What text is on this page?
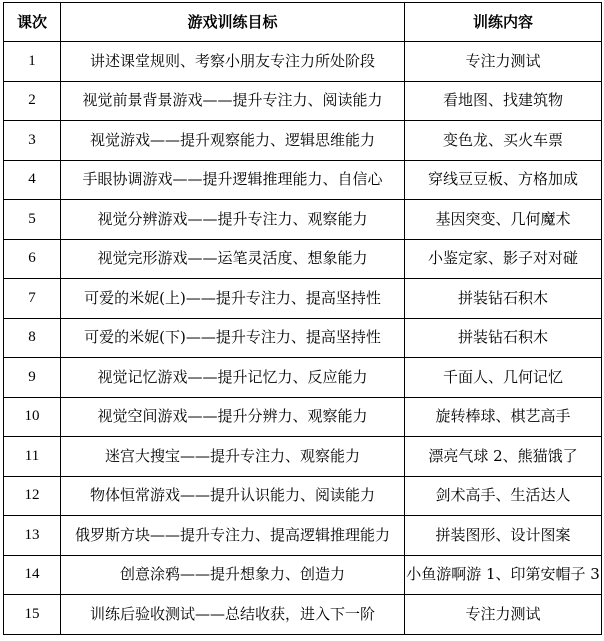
课次	游戏训练目标	训练内容
1	讲述课堂规则、考察小朋友专注力所处阶段	专注力测试
2	视觉前景背景游戏——提升专注力、阅读能力	看地图、找建筑物
3	视觉游戏——提升观察能力、逻辑思维能力	变色龙、买火车票
4	手眼协调游戏——提升逻辑推理能力、自信心	穿线豆豆板、方格加成
5	视觉分辨游戏——提升专注力、观察能力	基因突变、几何魔术
6	视觉完形游戏——运笔灵活度、想象能力	小鉴定家、影子对对碰
7	可爱的米妮(上)——提升专注力、提高坚持性	拼装钻石积木
8	可爱的米妮(下)——提升专注力、提高坚持性	拼装钻石积木
9	视觉记忆游戏——提升记忆力、反应能力	千面人、几何记忆
10	视觉空间游戏——提升分辨力、观察能力	旋转棒球、棋艺高手
11	迷宫大搜宝——提升专注力、观察能力	漂亮气球 2、熊猫饿了
12	物体恒常游戏——提升认识能力、阅读能力	剑术高手、生活达人
13	俄罗斯方块——提升专注力、提高逻辑推理能力	拼装图形、设计图案
14	创意涂鸦——提升想象力、创造力	小鱼游啊游 1、印第安帽子 3
15	训练后验收测试——总结收获，进入下一阶	专注力测试
